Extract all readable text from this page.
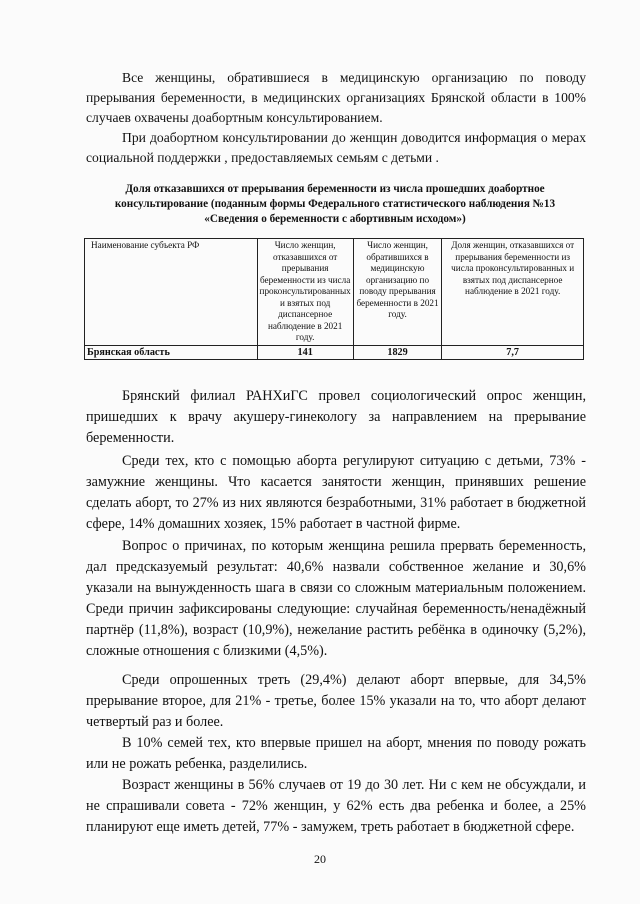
Все женщины, обратившиеся в медицинскую организацию по поводу прерывания беременности, в медицинских организациях Брянской области в 100% случаев охвачены доабортным консультированием.

При доабортном консультировании до женщин доводится информация о мерах социальной поддержки , предоставляемых семьям с детьми .

Доля отказавшихся от прерывания беременности из числа прошедших доабортное консультирование (поданным формы Федерального статистического наблюдения №13 «Сведения о беременности с абортивным исходом»)

Наименование субъекта РФ	Число женщин, отказавшихся от прерывания беременности из числа проконсультированных и взятых под диспансерное наблюдение в 2021 году.	Число женщин, обратившихся в медицинскую организацию по поводу прерывания беременности в 2021 году.	Доля женщин, отказавшихся от прерывания беременности из числа проконсультированных и взятых под диспансерное наблюдение в 2021 году.
Брянская область	141	1829	7,7

Брянский филиал РАНХиГС провел социологический опрос женщин, пришедших к врачу акушеру-гинекологу за направлением на прерывание беременности.

Среди тех, кто с помощью аборта регулируют ситуацию с детьми, 73% - замужние женщины. Что касается занятости женщин, принявших решение сделать аборт, то 27% из них являются безработными, 31% работает в бюджетной сфере, 14% домашних хозяек, 15% работает в частной фирме.

Вопрос о причинах, по которым женщина решила прервать беременность, дал предсказуемый результат: 40,6% назвали собственное желание и 30,6% указали на вынужденность шага в связи со сложным материальным положением. Среди причин зафиксированы следующие: случайная беременность/ненадёжный партнёр (11,8%), возраст (10,9%), нежелание растить ребёнка в одиночку (5,2%), сложные отношения с близкими (4,5%).

Среди опрошенных треть (29,4%) делают аборт впервые, для 34,5% прерывание второе, для 21% - третье, более 15% указали на то, что аборт делают четвертый раз и более.

В 10% семей тех, кто впервые пришел на аборт, мнения по поводу рожать или не рожать ребенка, разделились.

Возраст женщины в 56% случаев от 19 до 30 лет. Ни с кем не обсуждали, и не спрашивали совета - 72% женщин, у 62% есть два ребенка и более, а 25% планируют еще иметь детей, 77% - замужем, треть работает в бюджетной сфере.

20
